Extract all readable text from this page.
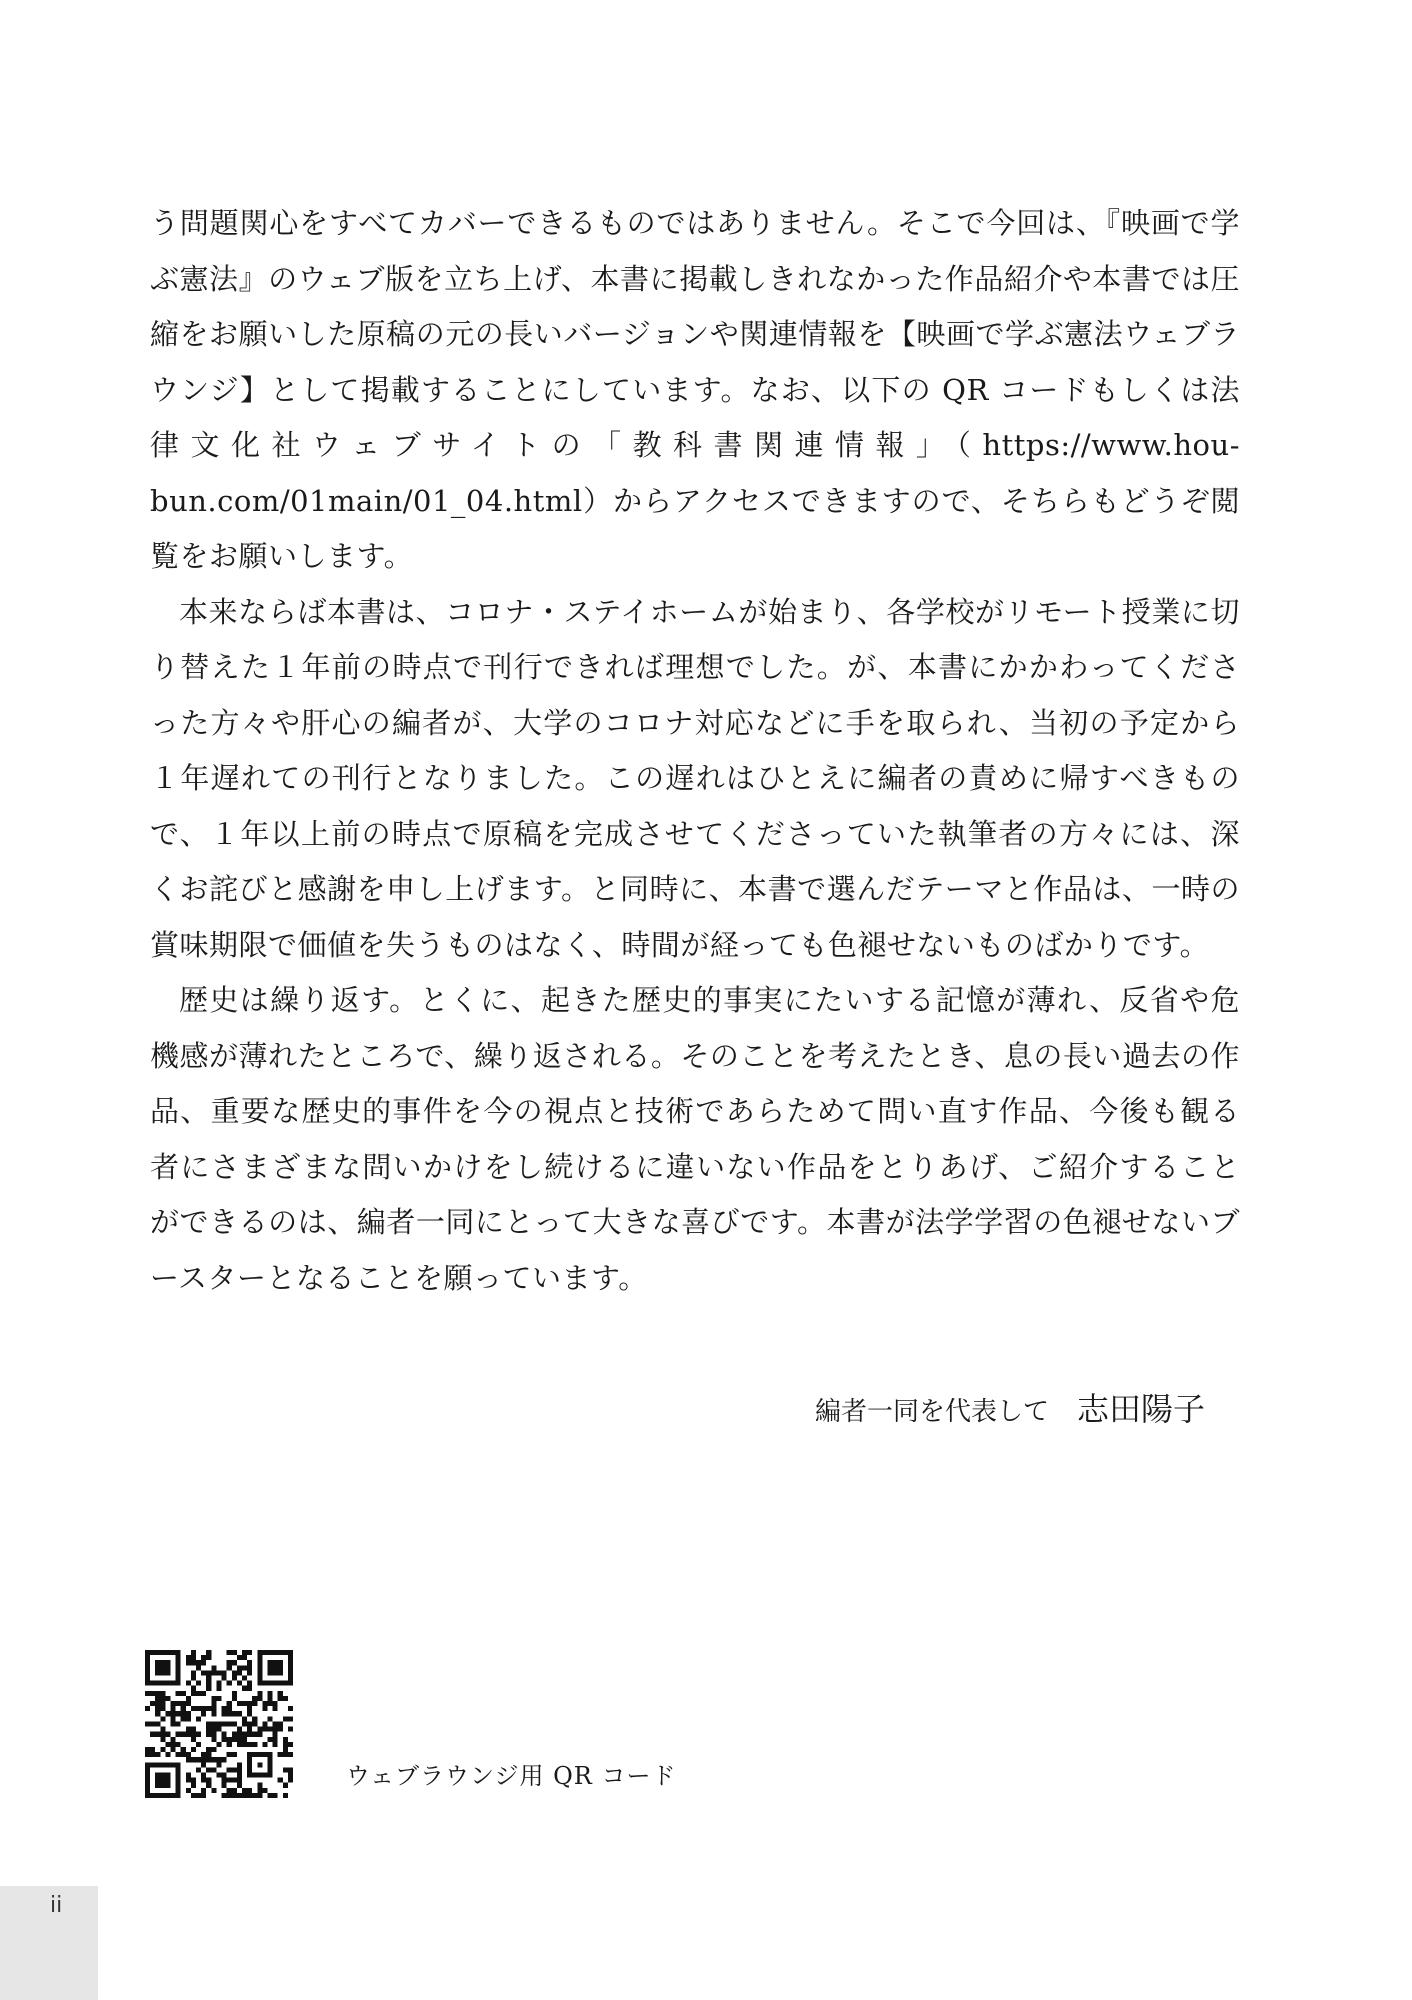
う問題関心をすべてカバーできるものではありません。そこで今回は、『映画で学ぶ憲法』のウェブ版を立ち上げ、本書に掲載しきれなかった作品紹介や本書では圧縮をお願いした原稿の元の長いバージョンや関連情報を【映画で学ぶ憲法ウェブラウンジ】として掲載することにしています。なお、以下の QR コードもしくは法律文化社ウェブサイトの「教科書関連情報」（https://www.hou-bun.com/01main/01_04.html）からアクセスできますので、そちらもどうぞ閲覧をお願いします。

本来ならば本書は、コロナ・ステイホームが始まり、各学校がリモート授業に切り替えた１年前の時点で刊行できれば理想でした。が、本書にかかわってくださった方々や肝心の編者が、大学のコロナ対応などに手を取られ、当初の予定から１年遅れての刊行となりました。この遅れはひとえに編者の責めに帰すべきもので、１年以上前の時点で原稿を完成させてくださっていた執筆者の方々には、深くお詫びと感謝を申し上げます。と同時に、本書で選んだテーマと作品は、一時の賞味期限で価値を失うものはなく、時間が経っても色褪せないものばかりです。

歴史は繰り返す。とくに、起きた歴史的事実にたいする記憶が薄れ、反省や危機感が薄れたところで、繰り返される。そのことを考えたとき、息の長い過去の作品、重要な歴史的事件を今の視点と技術であらためて問い直す作品、今後も観る者にさまざまな問いかけをし続けるに違いない作品をとりあげ、ご紹介することができるのは、編者一同にとって大きな喜びです。本書が法学学習の色褪せないブースターとなることを願っています。

編者一同を代表して 志田陽子
ウェブラウンジ用 QR コード
ii
